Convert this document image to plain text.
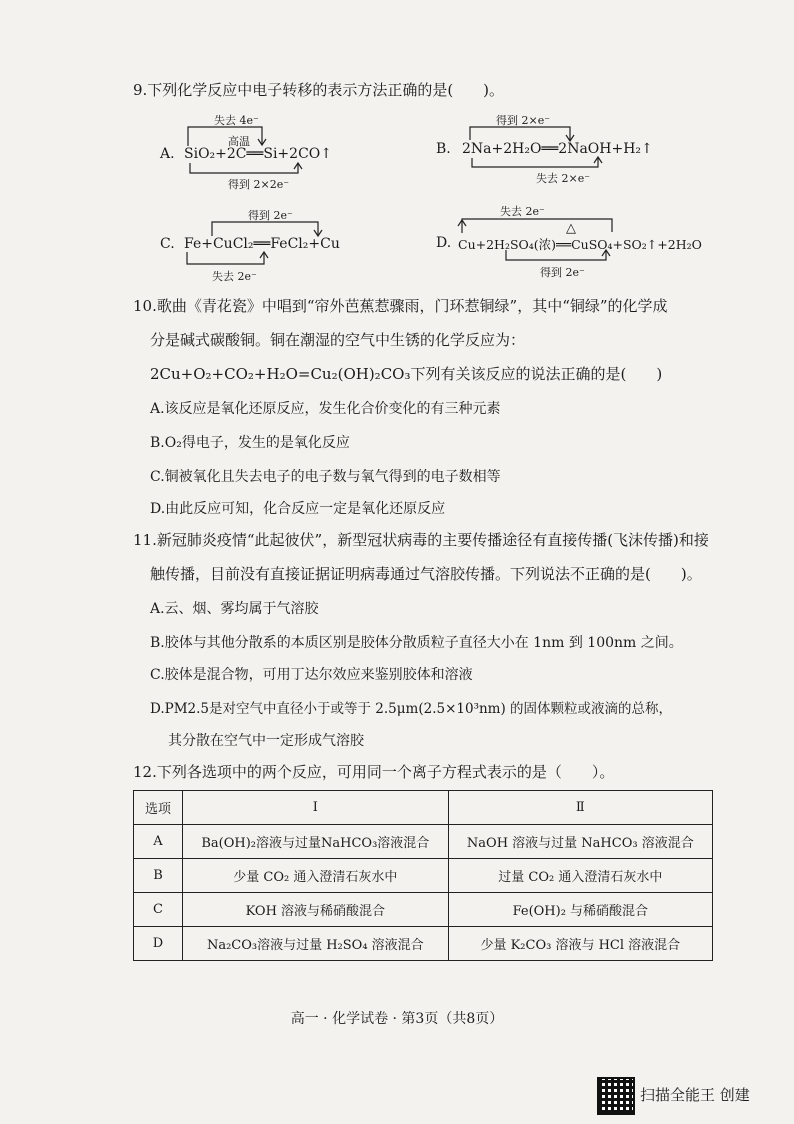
9.下列化学反应中电子转移的表示方法正确的是(　　)。
A. SiO₂+2C══Si+2CO↑
高温
失去 4e⁻
得到 2×2e⁻
B. 2Na+2H₂O══2NaOH+H₂↑
得到 2×e⁻
失去 2×e⁻
C. Fe+CuCl₂══FeCl₂+Cu
得到 2e⁻
失去 2e⁻
D. Cu+2H₂SO₄(浓)══CuSO₄+SO₂↑+2H₂O
△
失去 2e⁻
得到 2e⁻
10.歌曲《青花瓷》中唱到“帘外芭蕉惹骤雨，门环惹铜绿”，其中“铜绿”的化学成
分是碱式碳酸铜。铜在潮湿的空气中生锈的化学反应为：
2Cu+O₂+CO₂+H₂O=Cu₂(OH)₂CO₃下列有关该反应的说法正确的是(　　)
A.该反应是氧化还原反应，发生化合价变化的有三种元素
B.O₂得电子，发生的是氧化反应
C.铜被氧化且失去电子的电子数与氧气得到的电子数相等
D.由此反应可知，化合反应一定是氧化还原反应
11.新冠肺炎疫情“此起彼伏”，新型冠状病毒的主要传播途径有直接传播(飞沫传播)和接
触传播，目前没有直接证据证明病毒通过气溶胶传播。下列说法不正确的是(　　)。
A.云、烟、雾均属于气溶胶
B.胶体与其他分散系的本质区别是胶体分散质粒子直径大小在 1nm 到 100nm 之间。
C.胶体是混合物，可用丁达尔效应来鉴别胶体和溶液
D.PM2.5是对空气中直径小于或等于 2.5μm(2.5×10³nm) 的固体颗粒或液滴的总称，
其分散在空气中一定形成气溶胶
12.下列各选项中的两个反应，可用同一个离子方程式表示的是（　　）。
选项	Ⅰ	Ⅱ
A	Ba(OH)₂溶液与过量NaHCO₃溶液混合	NaOH 溶液与过量 NaHCO₃ 溶液混合
B	少量 CO₂ 通入澄清石灰水中	过量 CO₂ 通入澄清石灰水中
C	KOH 溶液与稀硝酸混合	Fe(OH)₂ 与稀硝酸混合
D	Na₂CO₃溶液与过量 H₂SO₄ 溶液混合	少量 K₂CO₃ 溶液与 HCl 溶液混合
高一 · 化学试卷 · 第3页（共8页）
扫描全能王 创建
